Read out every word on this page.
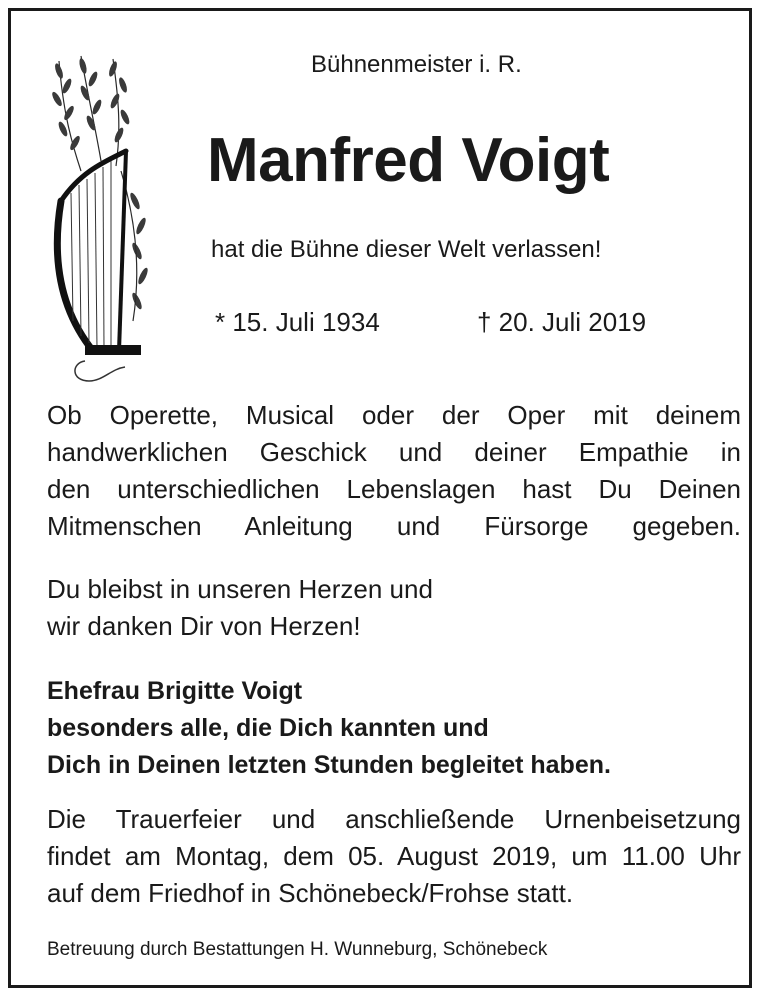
Bühnenmeister i. R.
Manfred Voigt
hat die Bühne dieser Welt verlassen!
* 15. Juli 1934	† 20. Juli 2019
Ob Operette, Musical oder der Oper mit deinem
handwerklichen Geschick und deiner Empathie in
den unterschiedlichen Lebenslagen hast Du Deinen
Mitmenschen Anleitung und Fürsorge gegeben.
Du bleibst in unseren Herzen und
wir danken Dir von Herzen!
Ehefrau Brigitte Voigt
besonders alle, die Dich kannten und
Dich in Deinen letzten Stunden begleitet haben.
Die Trauerfeier und anschließende Urnenbeisetzung
findet am Montag, dem 05. August 2019, um 11.00 Uhr
auf dem Friedhof in Schönebeck/Frohse statt.
Betreuung durch Bestattungen H. Wunneburg, Schönebeck
